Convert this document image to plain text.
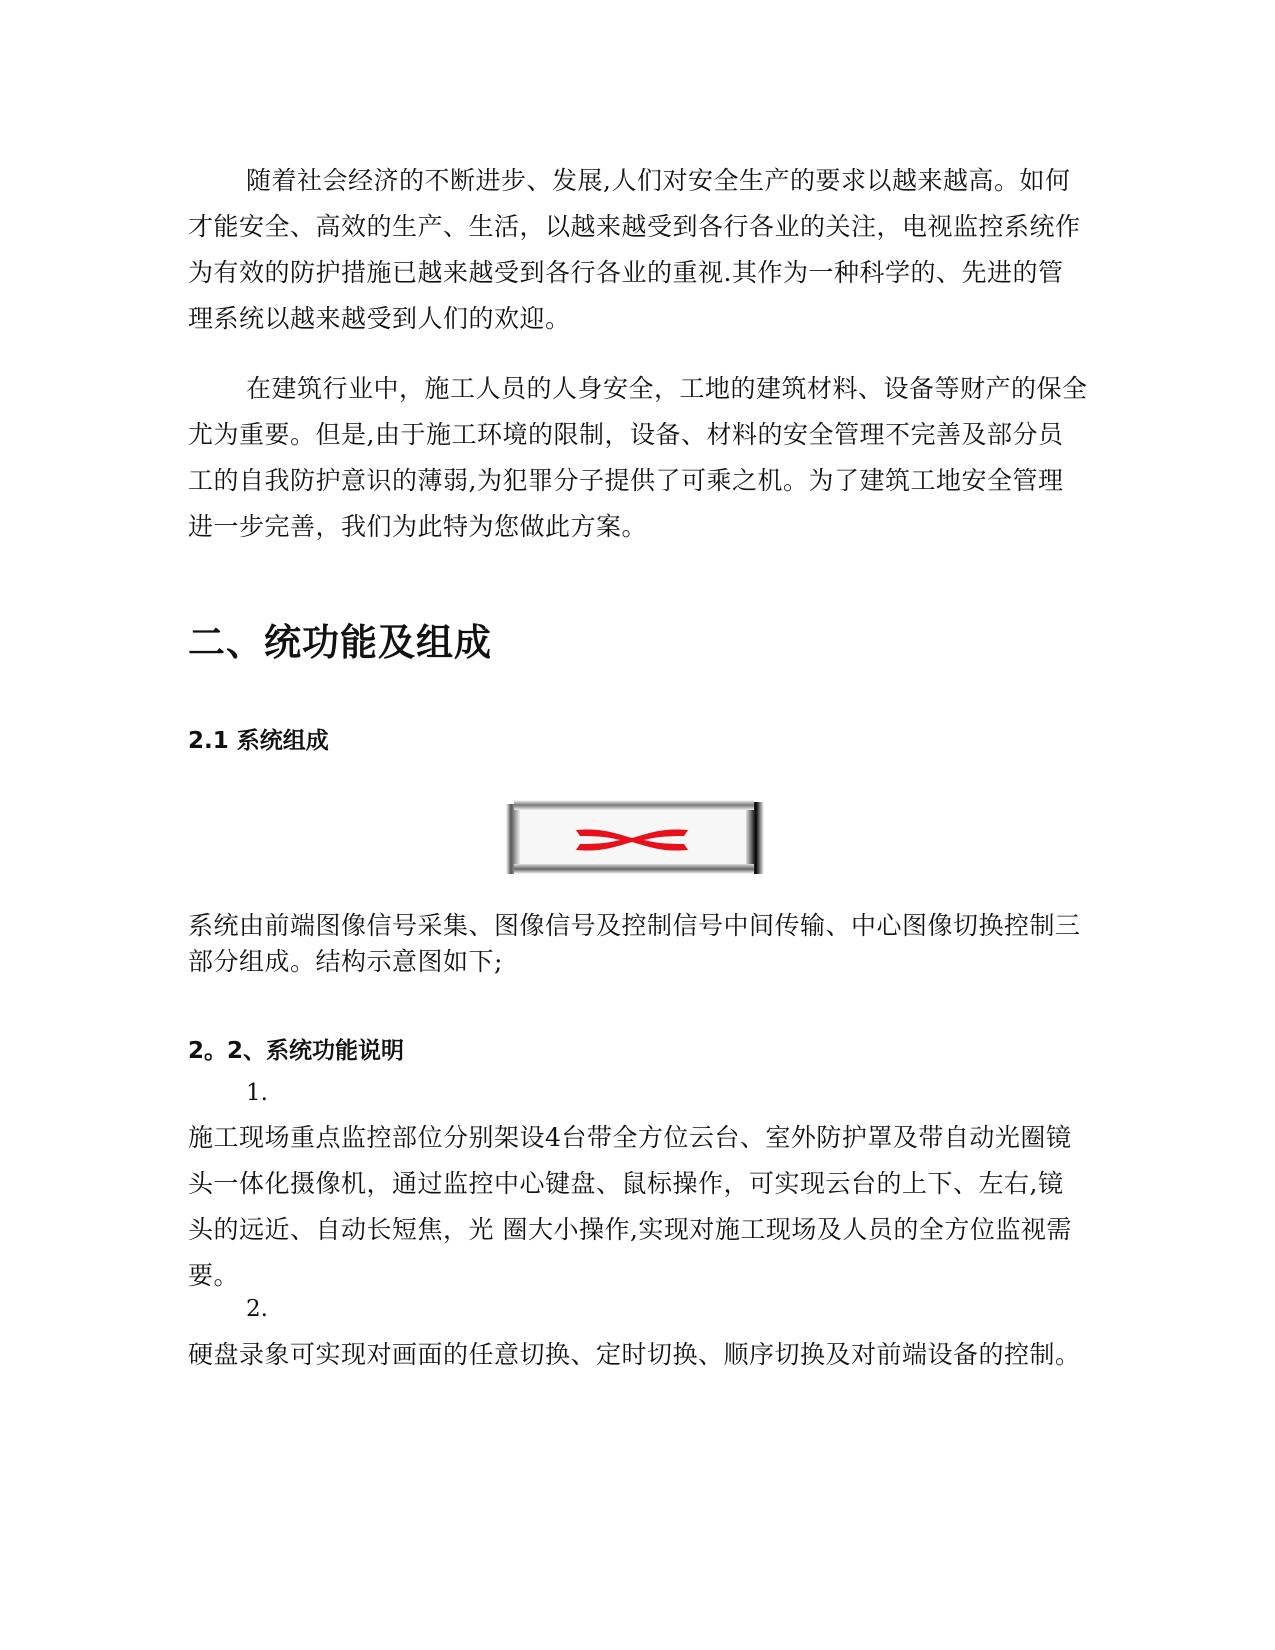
随着社会经济的不断进步、发展,人们对安全生产的要求以越来越高。如何才能安全、高效的生产、生活，以越来越受到各行各业的关注，电视监控系统作为有效的防护措施已越来越受到各行各业的重视.其作为一种科学的、先进的管理系统以越来越受到人们的欢迎。

在建筑行业中，施工人员的人身安全，工地的建筑材料、设备等财产的保全尤为重要。但是,由于施工环境的限制，设备、材料的安全管理不完善及部分员工的自我防护意识的薄弱,为犯罪分子提供了可乘之机。为了建筑工地安全管理进一步完善，我们为此特为您做此方案。

二、统功能及组成
2.1 系统组成

系统由前端图像信号采集、图像信号及控制信号中间传输、中心图像切换控制三部分组成。结构示意图如下;

2。2、系统功能说明

1.

施工现场重点监控部位分别架设4台带全方位云台、室外防护罩及带自动光圈镜头一体化摄像机，通过监控中心键盘、鼠标操作，可实现云台的上下、左右,镜头的远近、自动长短焦，光 圈大小操作,实现对施工现场及人员的全方位监视需要。

2.

硬盘录象可实现对画面的任意切换、定时切换、顺序切换及对前端设备的控制。
